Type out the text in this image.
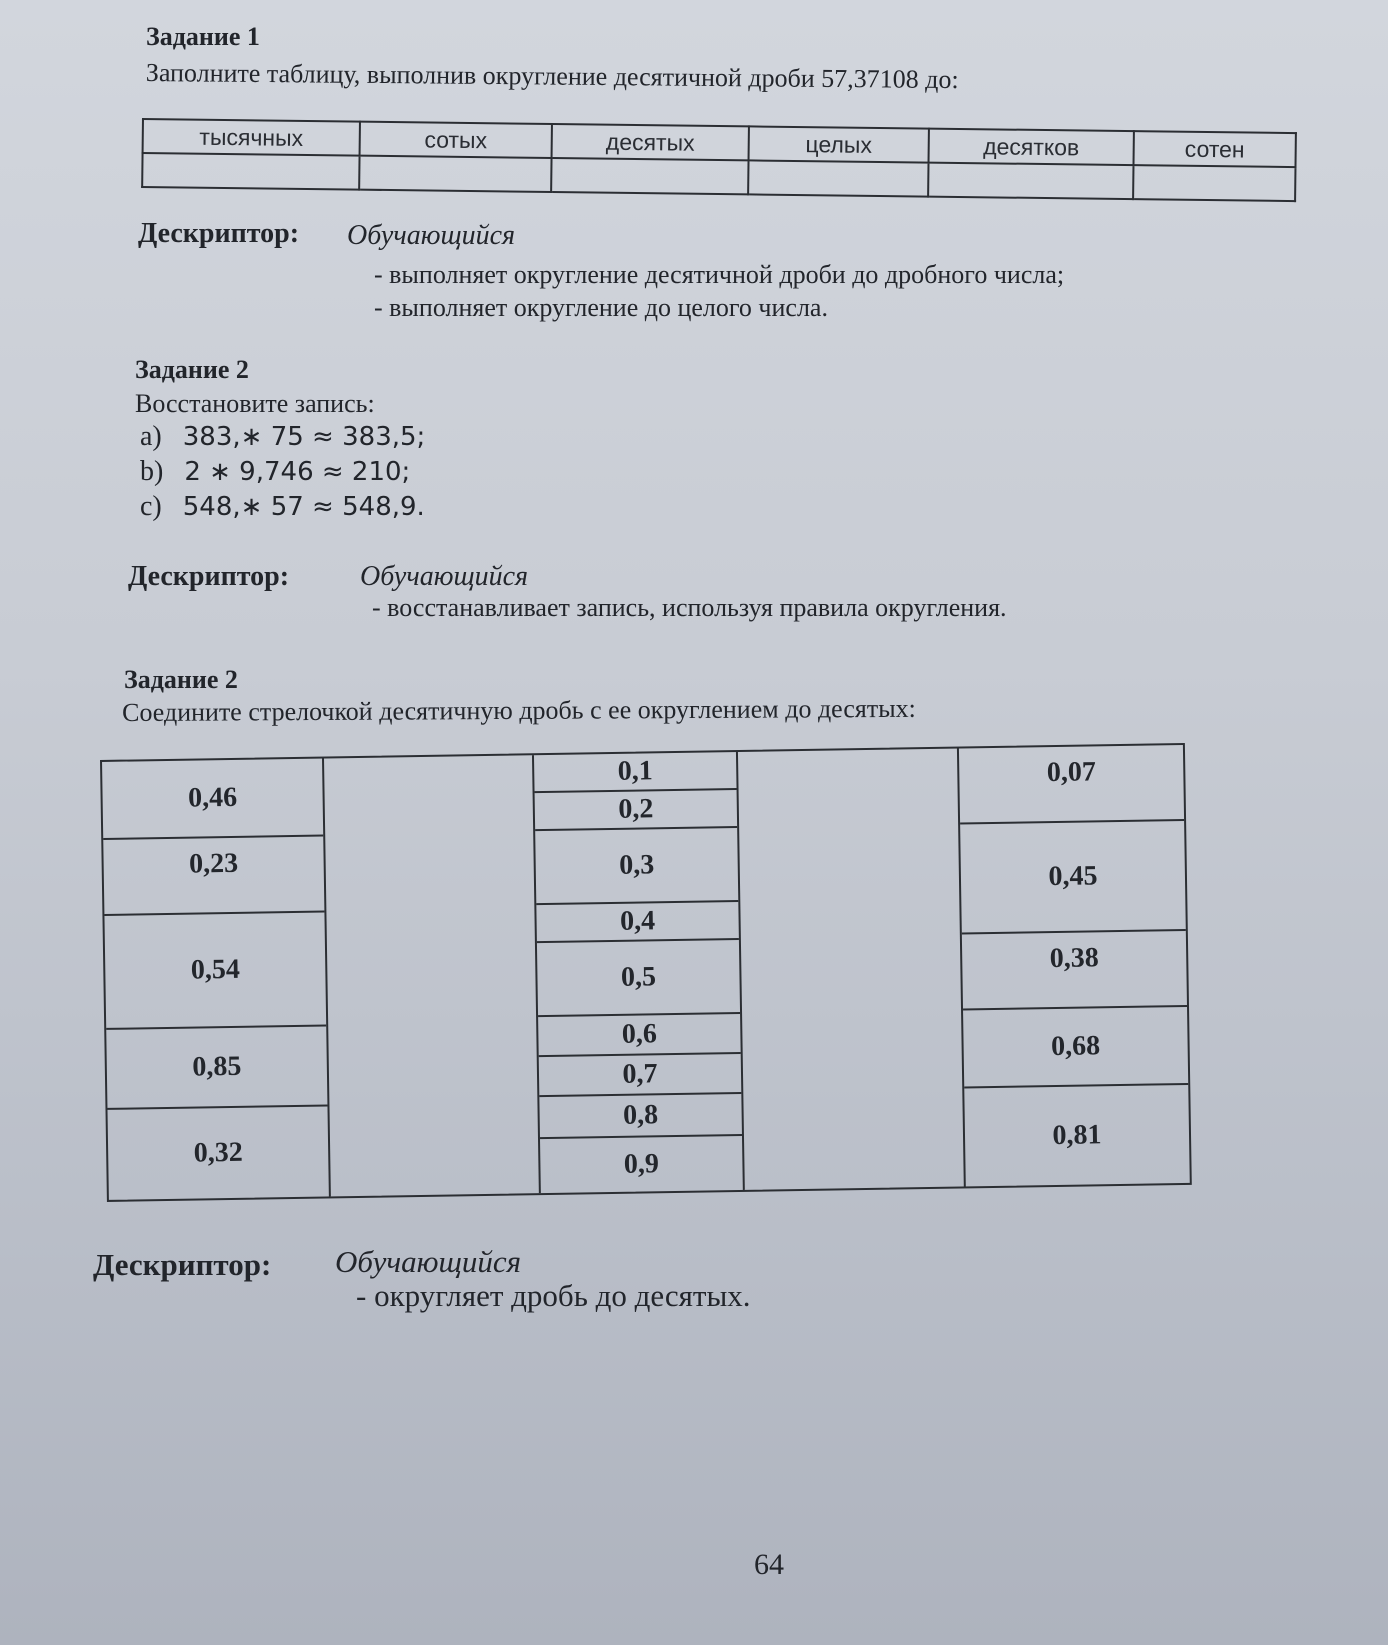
Задание 1
Заполните таблицу, выполнив округление десятичной дроби 57,37108 до:
тысячных	сотых	десятых	целых	десятков	сотен

Дескриптор: Обучающийся
- выполняет округление десятичной дроби до дробного числа;
- выполняет округление до целого числа.
Задание 2
Восстановите запись:
a) 383,∗ 75 ≈ 383,5;
b) 2 ∗ 9,746 ≈ 210;
c) 548,∗ 57 ≈ 548,9.
Дескриптор:	Обучающийся
- восстанавливает запись, используя правила округления.
Задание 2
Соедините стрелочкой десятичную дробь с ее округлением до десятых:
0,46
0,23
0,54
0,85
0,32
0,1
0,2
0,3
0,4
0,5
0,6
0,7
0,8
0,9
0,07
0,45
0,38
0,68
0,81
Дескриптор: Обучающийся
- округляет дробь до десятых.
64
